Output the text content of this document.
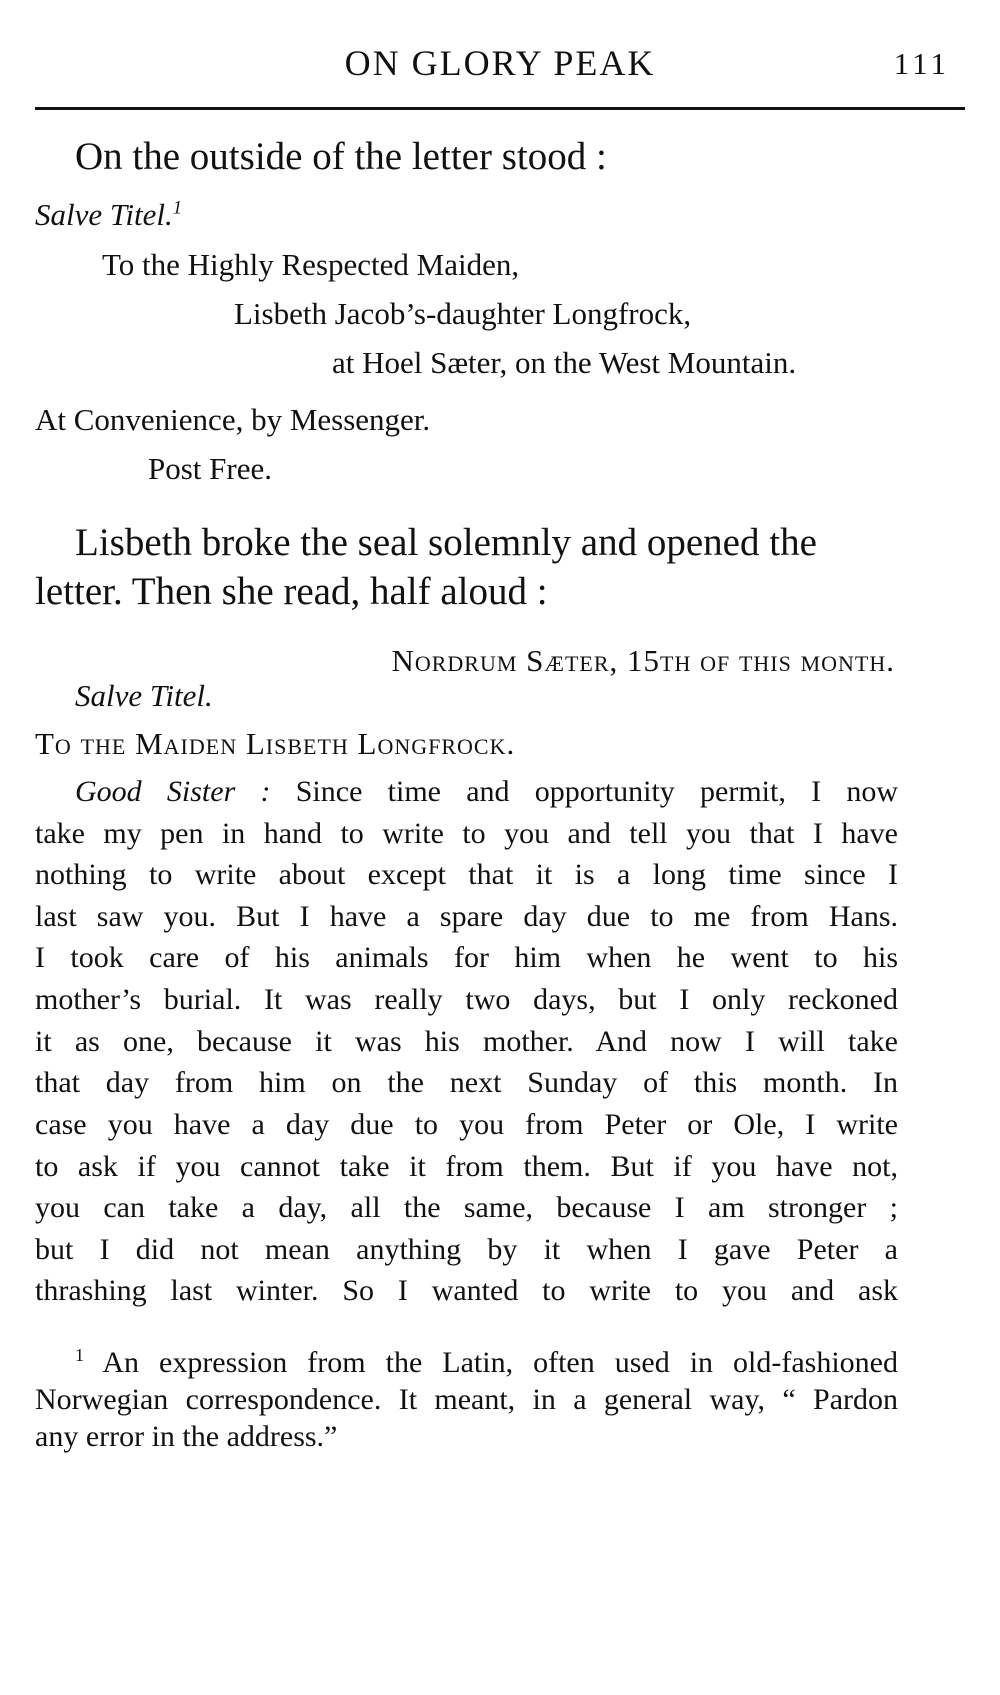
ON GLORY PEAK	111
On the outside of the letter stood :
Salve Titel.$^1$
To the Highly Respected Maiden,
Lisbeth Jacob’s-daughter Longfrock,
at Hoel Sæter, on the West Mountain.
At Convenience, by Messenger.
Post Free.
Lisbeth broke the seal solemnly and opened the
letter. Then she read, half aloud :
Nordrum Sæter, 15th of this month.
Salve Titel.
To the Maiden Lisbeth Longfrock.
Good Sister : Since time and opportunity permit, I now
take my pen in hand to write to you and tell you that I have
nothing to write about except that it is a long time since I
last saw you. But I have a spare day due to me from Hans.
I took care of his animals for him when he went to his
mother’s burial. It was really two days, but I only reckoned
it as one, because it was his mother. And now I will take
that day from him on the next Sunday of this month. In
case you have a day due to you from Peter or Ole, I write
to ask if you cannot take it from them. But if you have not,
you can take a day, all the same, because I am stronger ;
but I did not mean anything by it when I gave Peter a
thrashing last winter. So I wanted to write to you and ask
$^1$ An expression from the Latin, often used in old-fashioned
Norwegian correspondence. It meant, in a general way, “ Pardon
any error in the address.”
